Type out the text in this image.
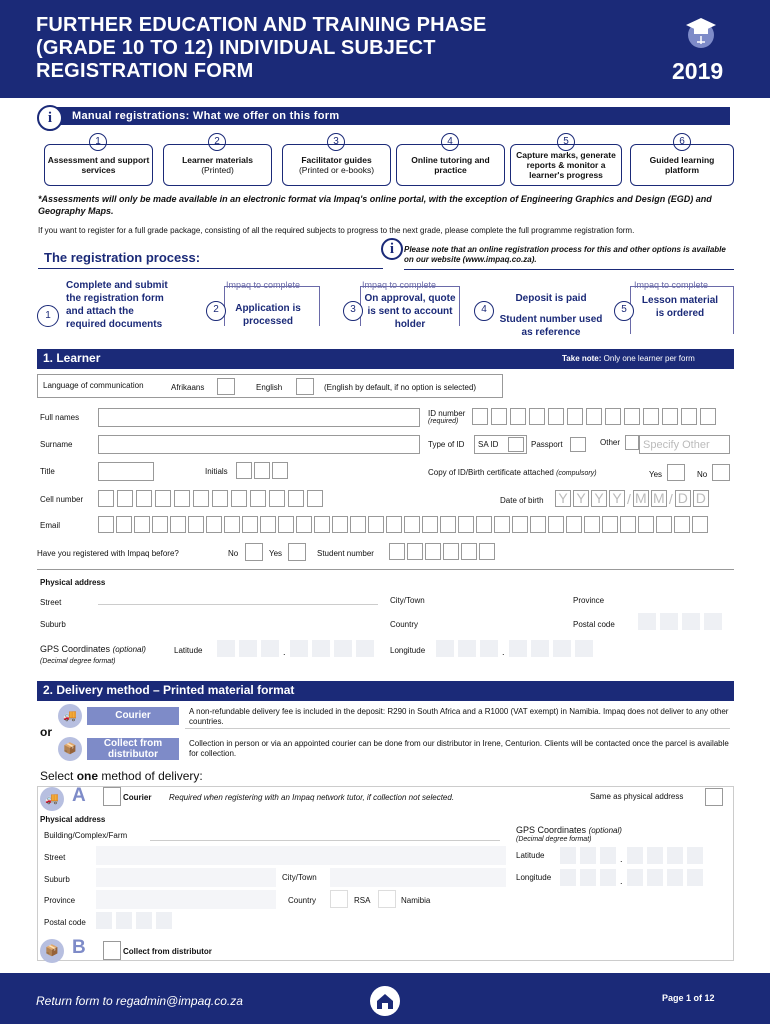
FURTHER EDUCATION AND TRAINING PHASE (GRADE 10 TO 12) INDIVIDUAL SUBJECT REGISTRATION FORM	2019
Manual registrations: What we offer on this form
i
1
Assessment and support services
2
Learner materials
(Printed)
3
Facilitator guides
(Printed or e-books)
4
Online tutoring and practice
5
Capture marks, generate reports & monitor a learner's progress
6
Guided learning platform
*Assessments will only be made available in an electronic format via Impaq's online portal, with the exception of Engineering Graphics and Design (EGD) and Geography Maps.
If you want to register for a full grade package, consisting of all the required subjects to progress to the next grade, please complete the full programme registration form.
The registration process:
i	Please note that an online registration process for this and other options is available on our website (www.impaq.co.za).
1
Complete and submit the registration form and attach the required documents
Impaq to complete
2	Application is processed
Impaq to complete
3
On approval, quote is sent to account holder
4
Deposit is paid
Student number used as reference
Impaq to complete
5
Lesson material is ordered
1. Learner	Take note: Only one learner per form
Language of communication	Afrikaans	English	(English by default, if no option is selected)
Full names	ID number
(required)
Surname	Type of ID	SA ID	Passport	Other	Specify Other
Title	Initials	Copy of ID/Birth certificate attached (compulsory)	Yes	No
Cell number	Date of birth Y Y Y Y / M M / D D
Email
Have you registered with Impaq before?	No	Yes	Student number
Physical address
Street	City/Town	Province
Suburb	Country	Postal code
GPS Coordinates (optional)	Latitude	.
(Decimal degree format)
Longitude	.
2. Delivery method – Printed material format
🚚	Courier	A non-refundable delivery fee is included in the deposit: R290 in South Africa and a R1000 (VAT exempt) in Namibia. Impaq does not deliver to any other countries.
or
📦	Collect from distributor
Collection in person or via an appointed courier can be done from our distributor in Irene, Centurion. Clients will be contacted once the parcel is available for collection.
Select one method of delivery:
🚚 A	Courier Required when registering with an Impaq network tutor, if collection not selected.	Same as physical address
Physical address
Building/Complex/Farm
GPS Coordinates (optional)
(Decimal degree format)
Street	Latitude	.
Suburb	City/Town	Longitude	.
Province	Country	RSA	Namibia
Postal code
📦 B	Collect from distributor
Return form to regadmin@impaq.co.za	Page 1 of 12
